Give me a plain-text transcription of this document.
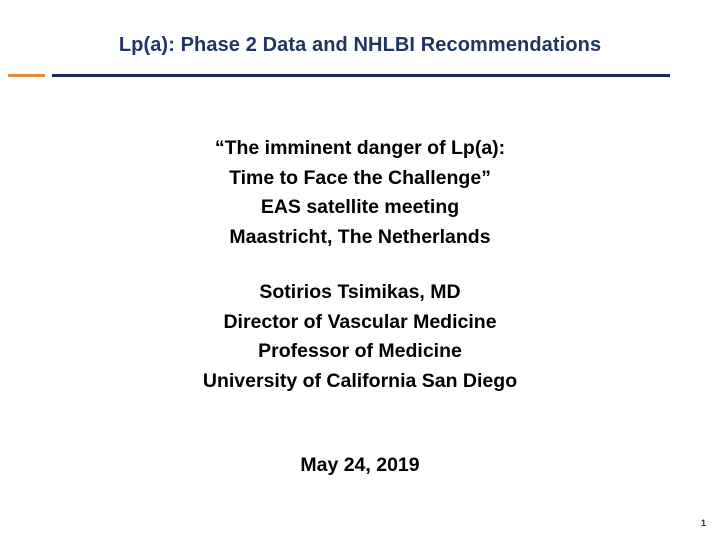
Lp(a): Phase 2 Data and NHLBI Recommendations
“The imminent danger of Lp(a):
Time to Face the Challenge”
EAS satellite meeting
Maastricht, The Netherlands
Sotirios Tsimikas, MD
Director of Vascular Medicine
Professor of Medicine
University of California San Diego
May 24, 2019
1
